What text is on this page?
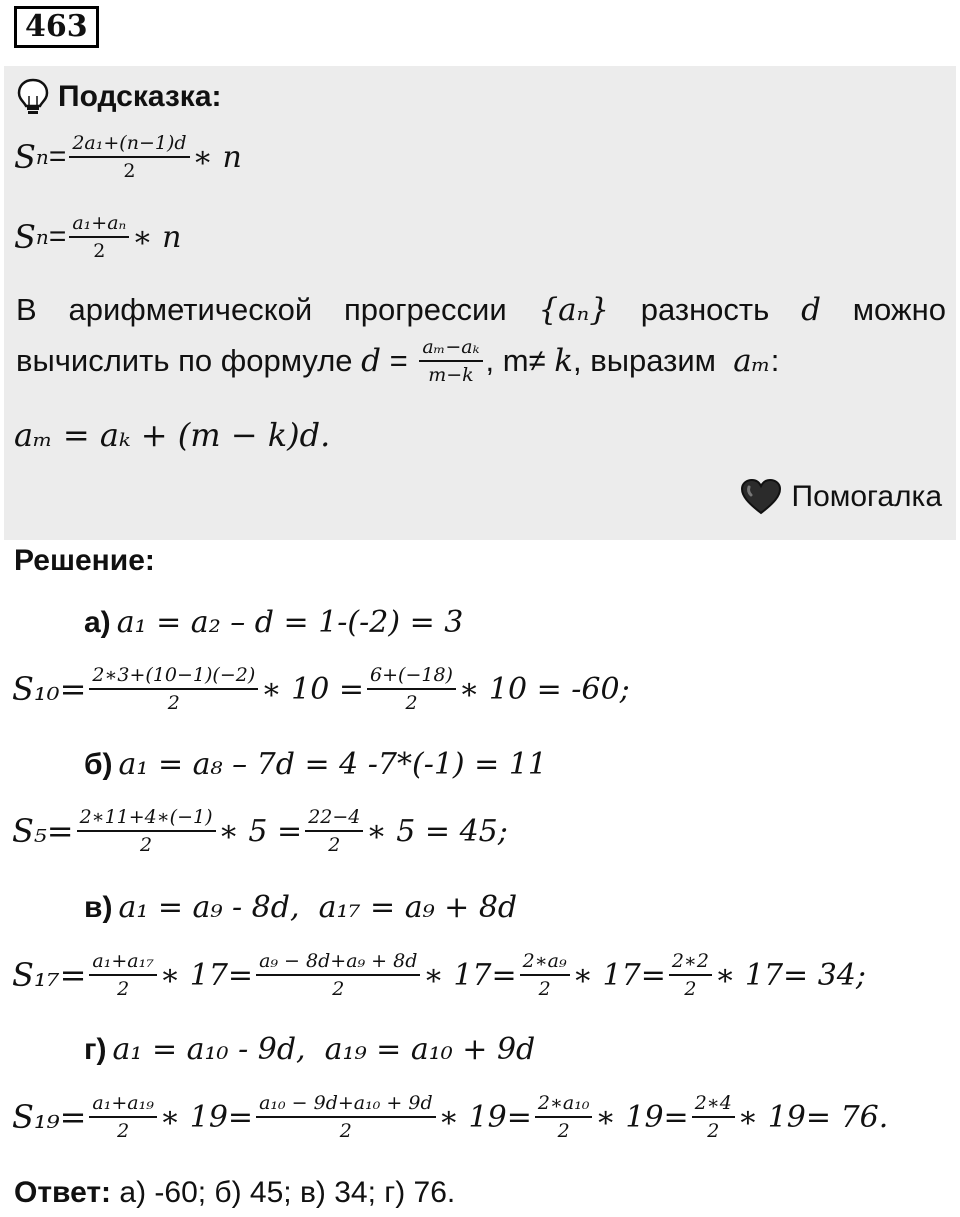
463
Подсказка:
S $n = \frac{\text{2a₁+(n−1)d}}{2}$ ∗ n
S $n = \frac{\text{a₁+aₙ}}{2}$ ∗ n
В арифметической прогрессии {aₙ} разность d можно
вычислить по формуле $d = \frac{\text{aₘ−aₖ}}{m-k}$ , m≠ k , выразим aₘ :
aₘ = aₖ + (m − k)d.
Помогалка
Решение:
а) a₁ = a₂ – d = 1-(-2) = 3
$S_{10}= \frac{2∗3+(10-1)(-2)}{2}$ ∗ $10 = \frac{6+(-18)}{2}$ ∗ 10 = -60;
б) a₁ = a₈ – 7d = 4 -7*(-1) = 11
$S_5= \frac{2∗11+4∗(-1)}{2}$ ∗ $5 = \frac{22-4}{2}$ ∗ 5 = 45;
в) a₁ = a₉ - 8d,  a₁₇ = a₉ + 8d
$S_{17}= \frac{\text{a₁+a₁₇}}{2}$ ∗ $17= \frac{\text{a₉ − 8d+a₉ + 8d}}{2}$ ∗ $17= \frac{\text{2∗a₉}}{2}$ ∗ $17= \frac{2∗2}{2}$ ∗ 17= 34;
г) a₁ = a₁₀ - 9d,  a₁₉ = a₁₀ + 9d
$S_{19}= \frac{\text{a₁+a₁₉}}{2}$ ∗ $19= \frac{\text{a₁₀ − 9d+a₁₀ + 9d}}{2}$ ∗ $19= \frac{\text{2∗a₁₀}}{2}$ ∗ $19= \frac{2∗4}{2}$ ∗ 19= 76.
Ответ: а) -60; б) 45; в) 34; г) 76.
